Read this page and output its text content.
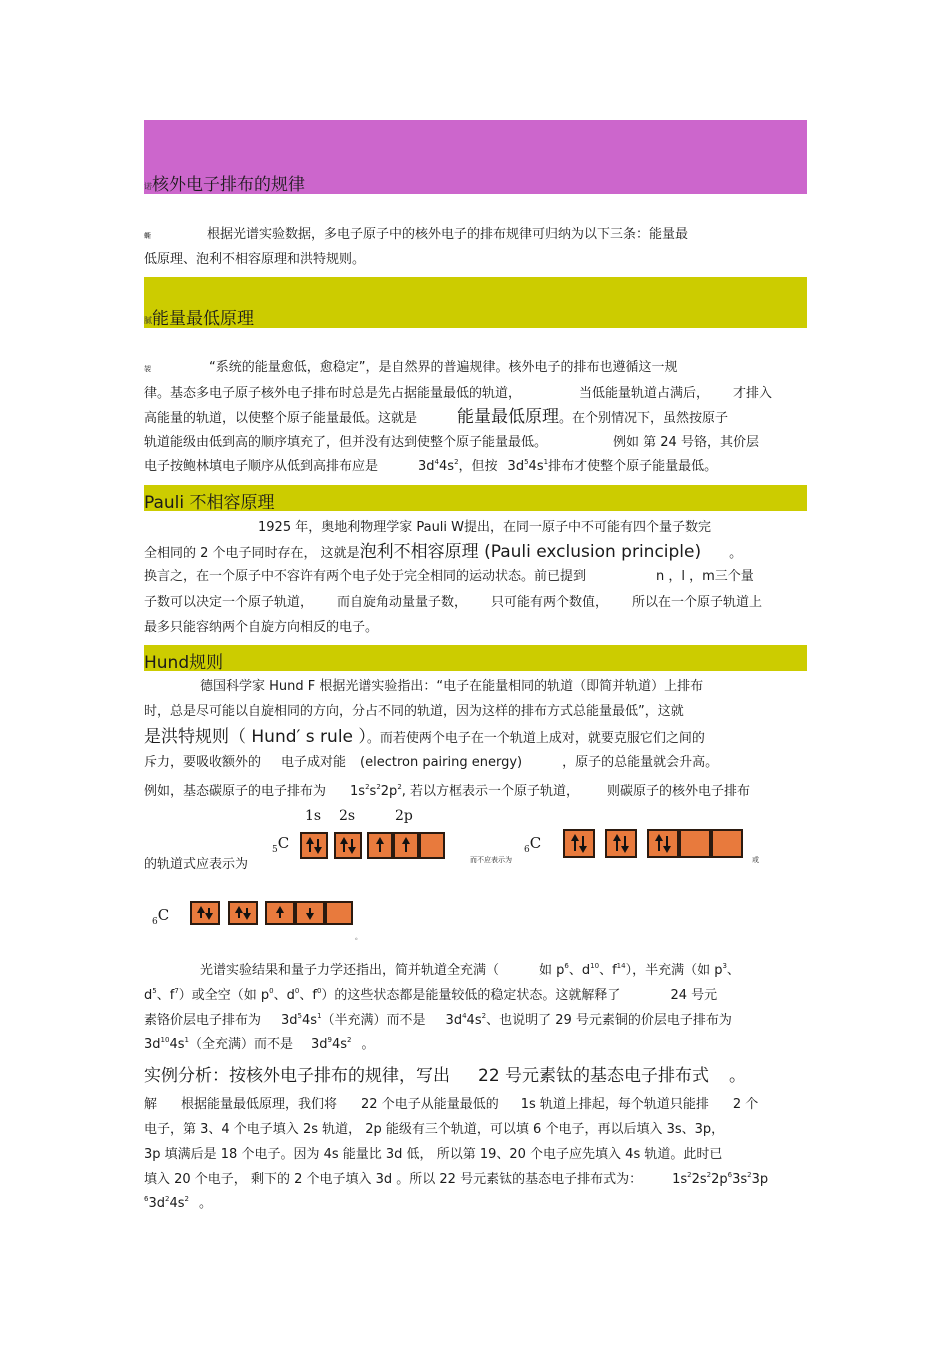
诺核外电子排布的规律
蟖	根据光谱实验数据，多电子原子中的核外电子的排布规律可归纳为以下三条：能量最
低原理、泡利不相容原理和洪特规则。
膩能量最低原理
袈	“系统的能量愈低，愈稳定”，是自然界的普遍规律。核外电子的排布也遵循这一规
律。基态多电子原子核外电子排布时总是先占据能量最低的轨道，	当低能量轨道占满后， 才排入
高能量的轨道，以使整个原子能量最低。这就是 能量最低原理。在个别情况下，虽然按原子
轨道能级由低到高的顺序填充了，但并没有达到使整个原子能量最低。	例如 第 24 号铬，其价层
电子按鲍林填电子顺序从低到高排布应是	$3d^44s^2$，但按 $3d^54s^1$排布才使整个原子能量最低。
Pauli 不相容原理
1925 年，奥地利物理学家 Pauli W提出，在同一原子中不可能有四个量子数完
全相同的 2 个电子同时存在， 这就是泡利不相容原理 (Pauli exclusion principle) 。
换言之，在一个原子中不容许有两个电子处于完全相同的运动状态。前已提到	n ，l ，m三个量
子数可以决定一个原子轨道， 而自旋角动量量子数， 只可能有两个数值， 所以在一个原子轨道上
最多只能容纳两个自旋方向相反的电子。
Hund规则
德国科学家 Hund F 根据光谱实验指出：“电子在能量相同的轨道（即简并轨道）上排布
时，总是尽可能以自旋相同的方向，分占不同的轨道，因为这样的排布方式总能量最低”，这就
是洪特规则（ Hund′ s rule ）。而若使两个电子在一个轨道上成对，就要克服它们之间的
斥力，要吸收额外的 电子成对能 (electron pairing energy)	，原子的总能量就会升高。
例如，基态碳原子的电子排布为 $1s^2s^22p^2$, 若以方框表示一个原子轨道， 则碳原子的核外电子排布
1s 2s	2p
$_5$C
的轨道式应表示为	而不应表示为
$_6$C
或
$_6$C
。
光谱实验结果和量子力学还指出，简并轨道全充满（	如 $p^6$、$d^{10}$、$f^{14}$），半充满（如 $p^3$、
$d^5$、$f^7$）或全空（如 $p^0$、$d^0$、$f^0$）的这些状态都是能量较低的稳定状态。这就解释了	24 号元
素铬价层电子排布为 $3d^54s^1$（半充满）而不是 $3d^44s^2$、也说明了 29 号元素铜的价层电子排布为
$3d^{10}4s^1$（全充满）而不是 $3d^94s^2$ 。
实例分析：按核外电子排布的规律，写出 22 号元素钛的基态电子排布式 。
解 根据能量最低原理，我们将 22 个电子从能量最低的 1s 轨道上排起，每个轨道只能排 2 个
电子，第 3、4 个电子填入 2s 轨道， 2p 能级有三个轨道，可以填 6 个电子，再以后填入 3s、3p，
3p 填满后是 18 个电子。因为 4s 能量比 3d 低， 所以第 19、20 个电子应先填入 4s 轨道。此时已
填入 20 个电子， 剩下的 2 个电子填入 3d 。所以 22 号元素钛的基态电子排布式为： $1s^22s^22p^63s^23p$
$^63d^24s^2$ 。
